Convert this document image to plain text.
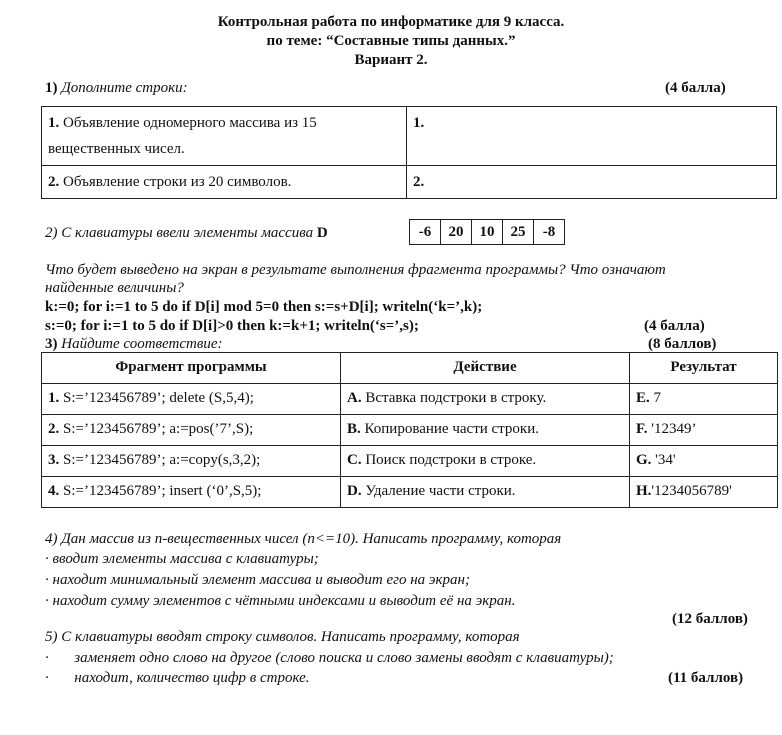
Контрольная работа по информатике для 9 класса.
по теме: “Составные типы данных.”
Вариант 2.
1) Дополните строки:	(4 балла)
1. Объявление одномерного массива из 15 вещественных чисел.	1.
2. Объявление строки из 20 символов.	2.
2) С клавиатуры ввели элементы массива D	-6	20	10	25	-8
Что будет выведено на экран в результате выполнения фрагмента программы? Что означают
найденные величины?
k:=0; for i:=1 to 5 do if D[i] mod 5=0 then s:=s+D[i]; writeln(‘k=’,k);
s:=0; for i:=1 to 5 do if D[i]>0 then k:=k+1; writeln(‘s=’,s);	(4 балла)
3) Найдите соответствие:	(8 баллов)
Фрагмент программы	Действие	Результат
1. S:=’123456789’; delete (S,5,4);	А. Вставка подстроки в строку.	E. 7
2. S:=’123456789’; a:=pos(’7’,S);	B. Копирование части строки.	F. '12349’
3. S:=’123456789’; a:=copy(s,3,2);	C. Поиск подстроки в строке.	G. '34'
4. S:=’123456789’; insert (‘0’,S,5);	D. Удаление части строки.	H.'1234056789'
4) Дан массив из n-вещественных чисел (n<=10). Написать программу, которая
· вводит элементы массива с клавиатуры;
· находит минимальный элемент массива и выводит его на экран;
· находит сумму элементов с чётными индексами и выводит её на экран.
(12 баллов)
5) С клавиатуры вводят строку символов. Написать программу, которая
· заменяет одно слово на другое (слово поиска и слово замены вводят с клавиатуры);
· находит, количество цифр в строке.	(11 баллов)
